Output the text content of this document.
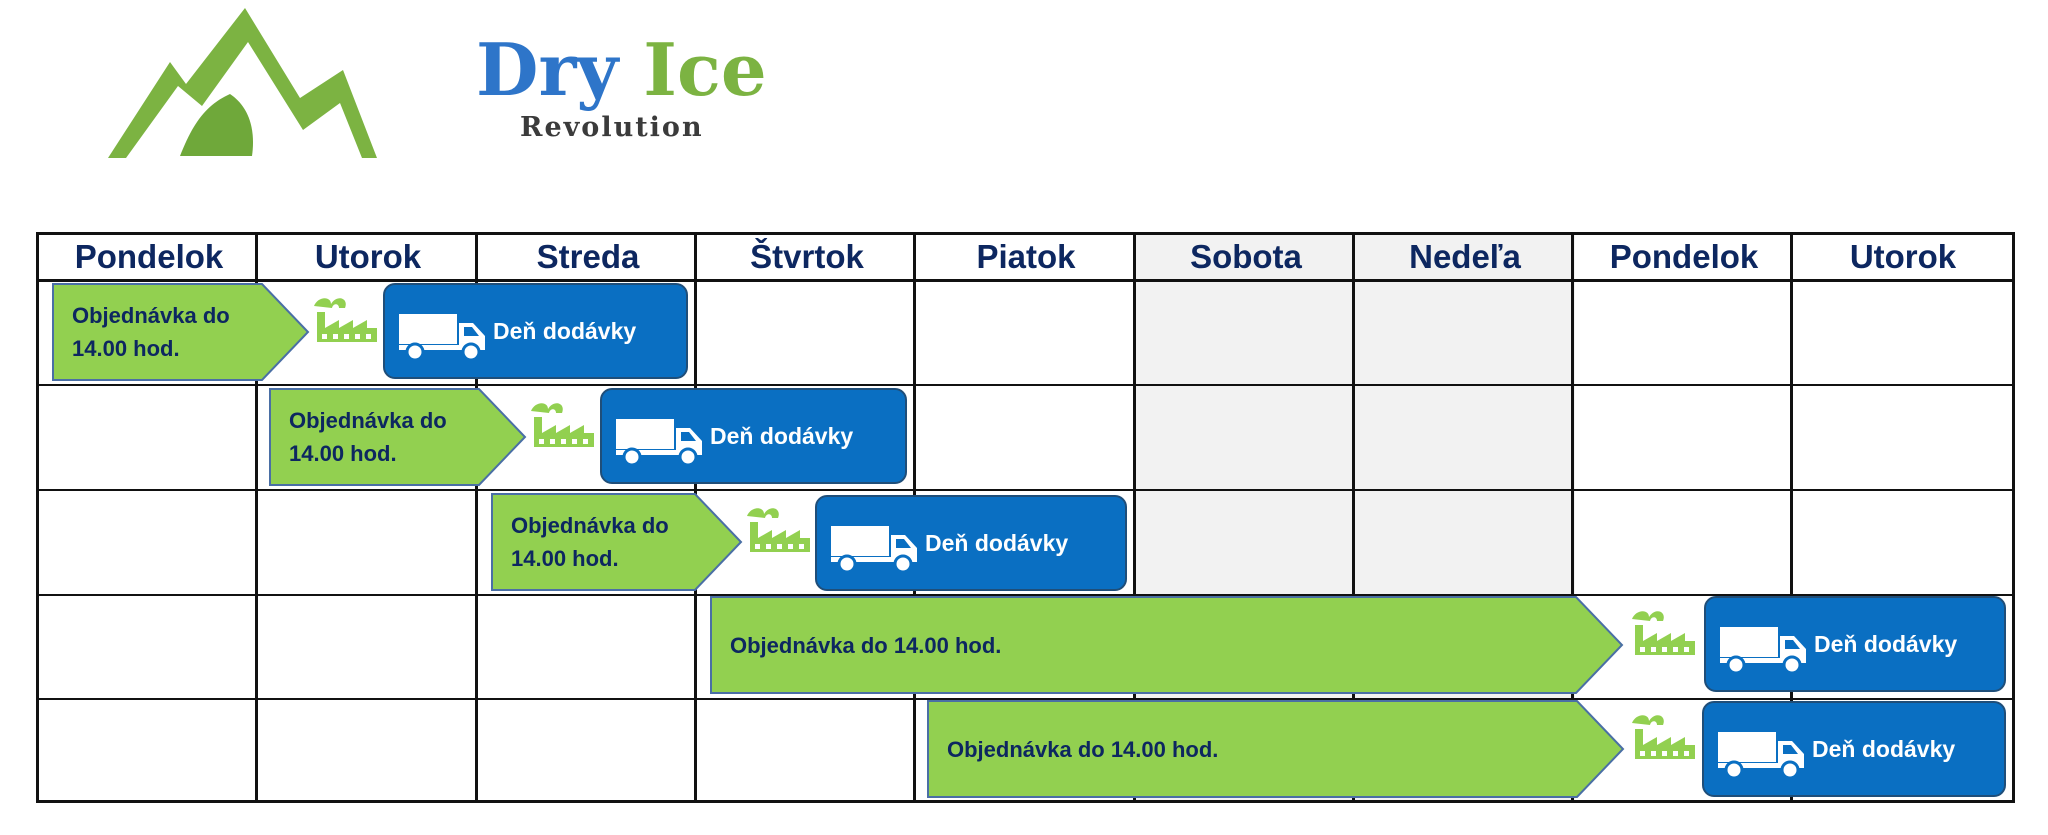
Dry Ice
Revolution
Pondelok	Utorok	Streda	Štvrtok	Piatok	Sobota	Nedeľa	Pondelok	Utorok
Objednávka do
14.00 hod.
Deň dodávky
Objednávka do
14.00 hod.
Deň dodávky
Objednávka do
14.00 hod.
Deň dodávky
Objednávka do 14.00 hod.	Deň dodávky
Objednávka do 14.00 hod.	Deň dodávky
